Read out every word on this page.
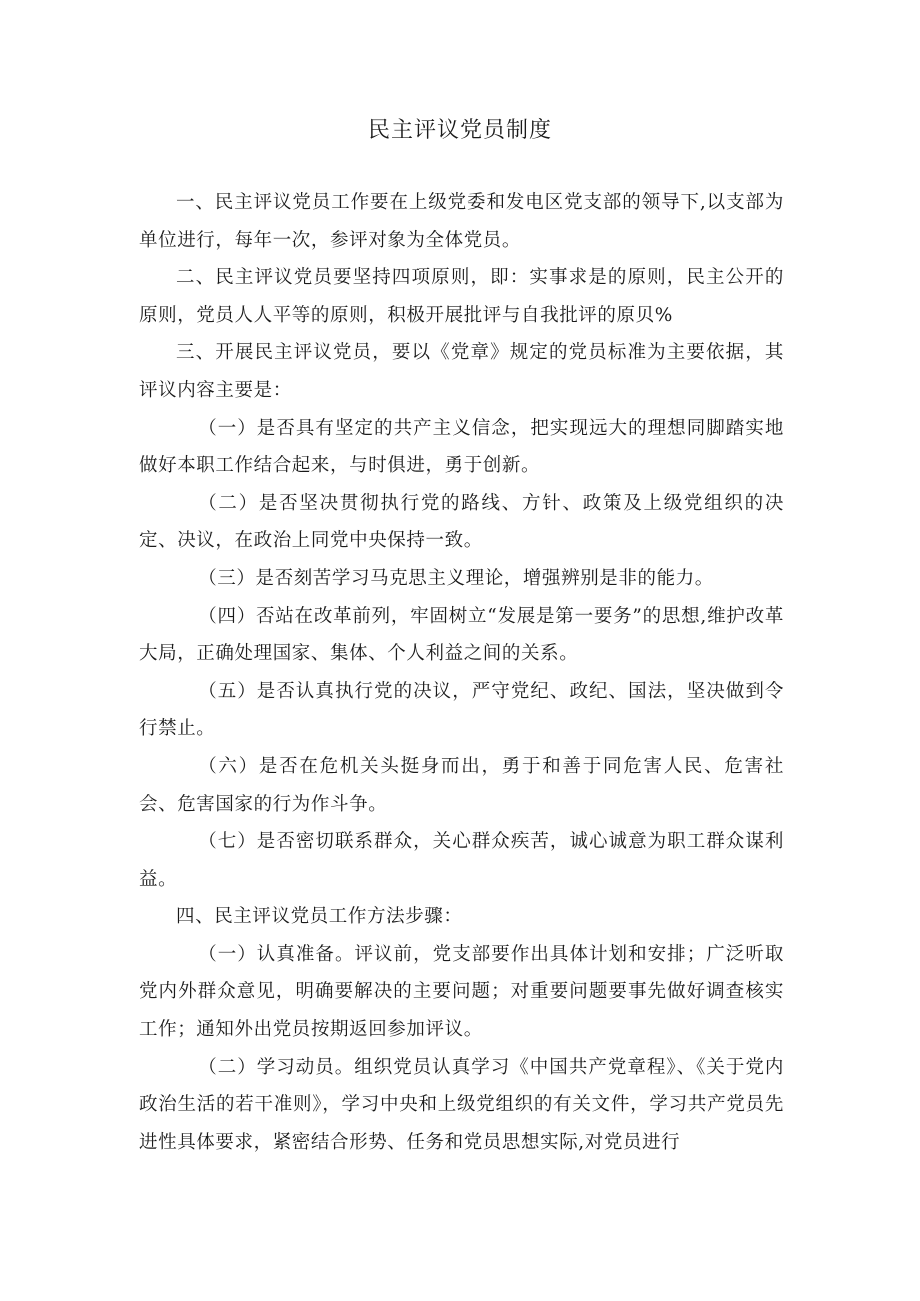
民主评议党员制度

一、民主评议党员工作要在上级党委和发电区党支部的领导下,以支部为单位进行，每年一次，参评对象为全体党员。

二、民主评议党员要坚持四项原则，即：实事求是的原则，民主公开的原则，党员人人平等的原则，积极开展批评与自我批评的原贝%

三、开展民主评议党员，要以《党章》规定的党员标准为主要依据，其评议内容主要是：

（一）是否具有坚定的共产主义信念，把实现远大的理想同脚踏实地做好本职工作结合起来，与时俱进，勇于创新。

（二）是否坚决贯彻执行党的路线、方针、政策及上级党组织的决定、决议，在政治上同党中央保持一致。

（三）是否刻苦学习马克思主义理论，增强辨别是非的能力。

（四）否站在改革前列，牢固树立“发展是第一要务”的思想,维护改革大局，正确处理国家、集体、个人利益之间的关系。

（五）是否认真执行党的决议，严守党纪、政纪、国法，坚决做到令行禁止。

（六）是否在危机关头挺身而出，勇于和善于同危害人民、危害社会、危害国家的行为作斗争。

（七）是否密切联系群众，关心群众疾苦，诚心诚意为职工群众谋利益。

四、民主评议党员工作方法步骤：

（一）认真准备。评议前，党支部要作出具体计划和安排；广泛听取党内外群众意见，明确要解决的主要问题；对重要问题要事先做好调查核实工作；通知外出党员按期返回参加评议。

（二）学习动员。组织党员认真学习《中国共产党章程》、《关于党内政治生活的若干准则》，学习中央和上级党组织的有关文件，学习共产党员先进性具体要求，紧密结合形势、任务和党员思想实际,对党员进行
